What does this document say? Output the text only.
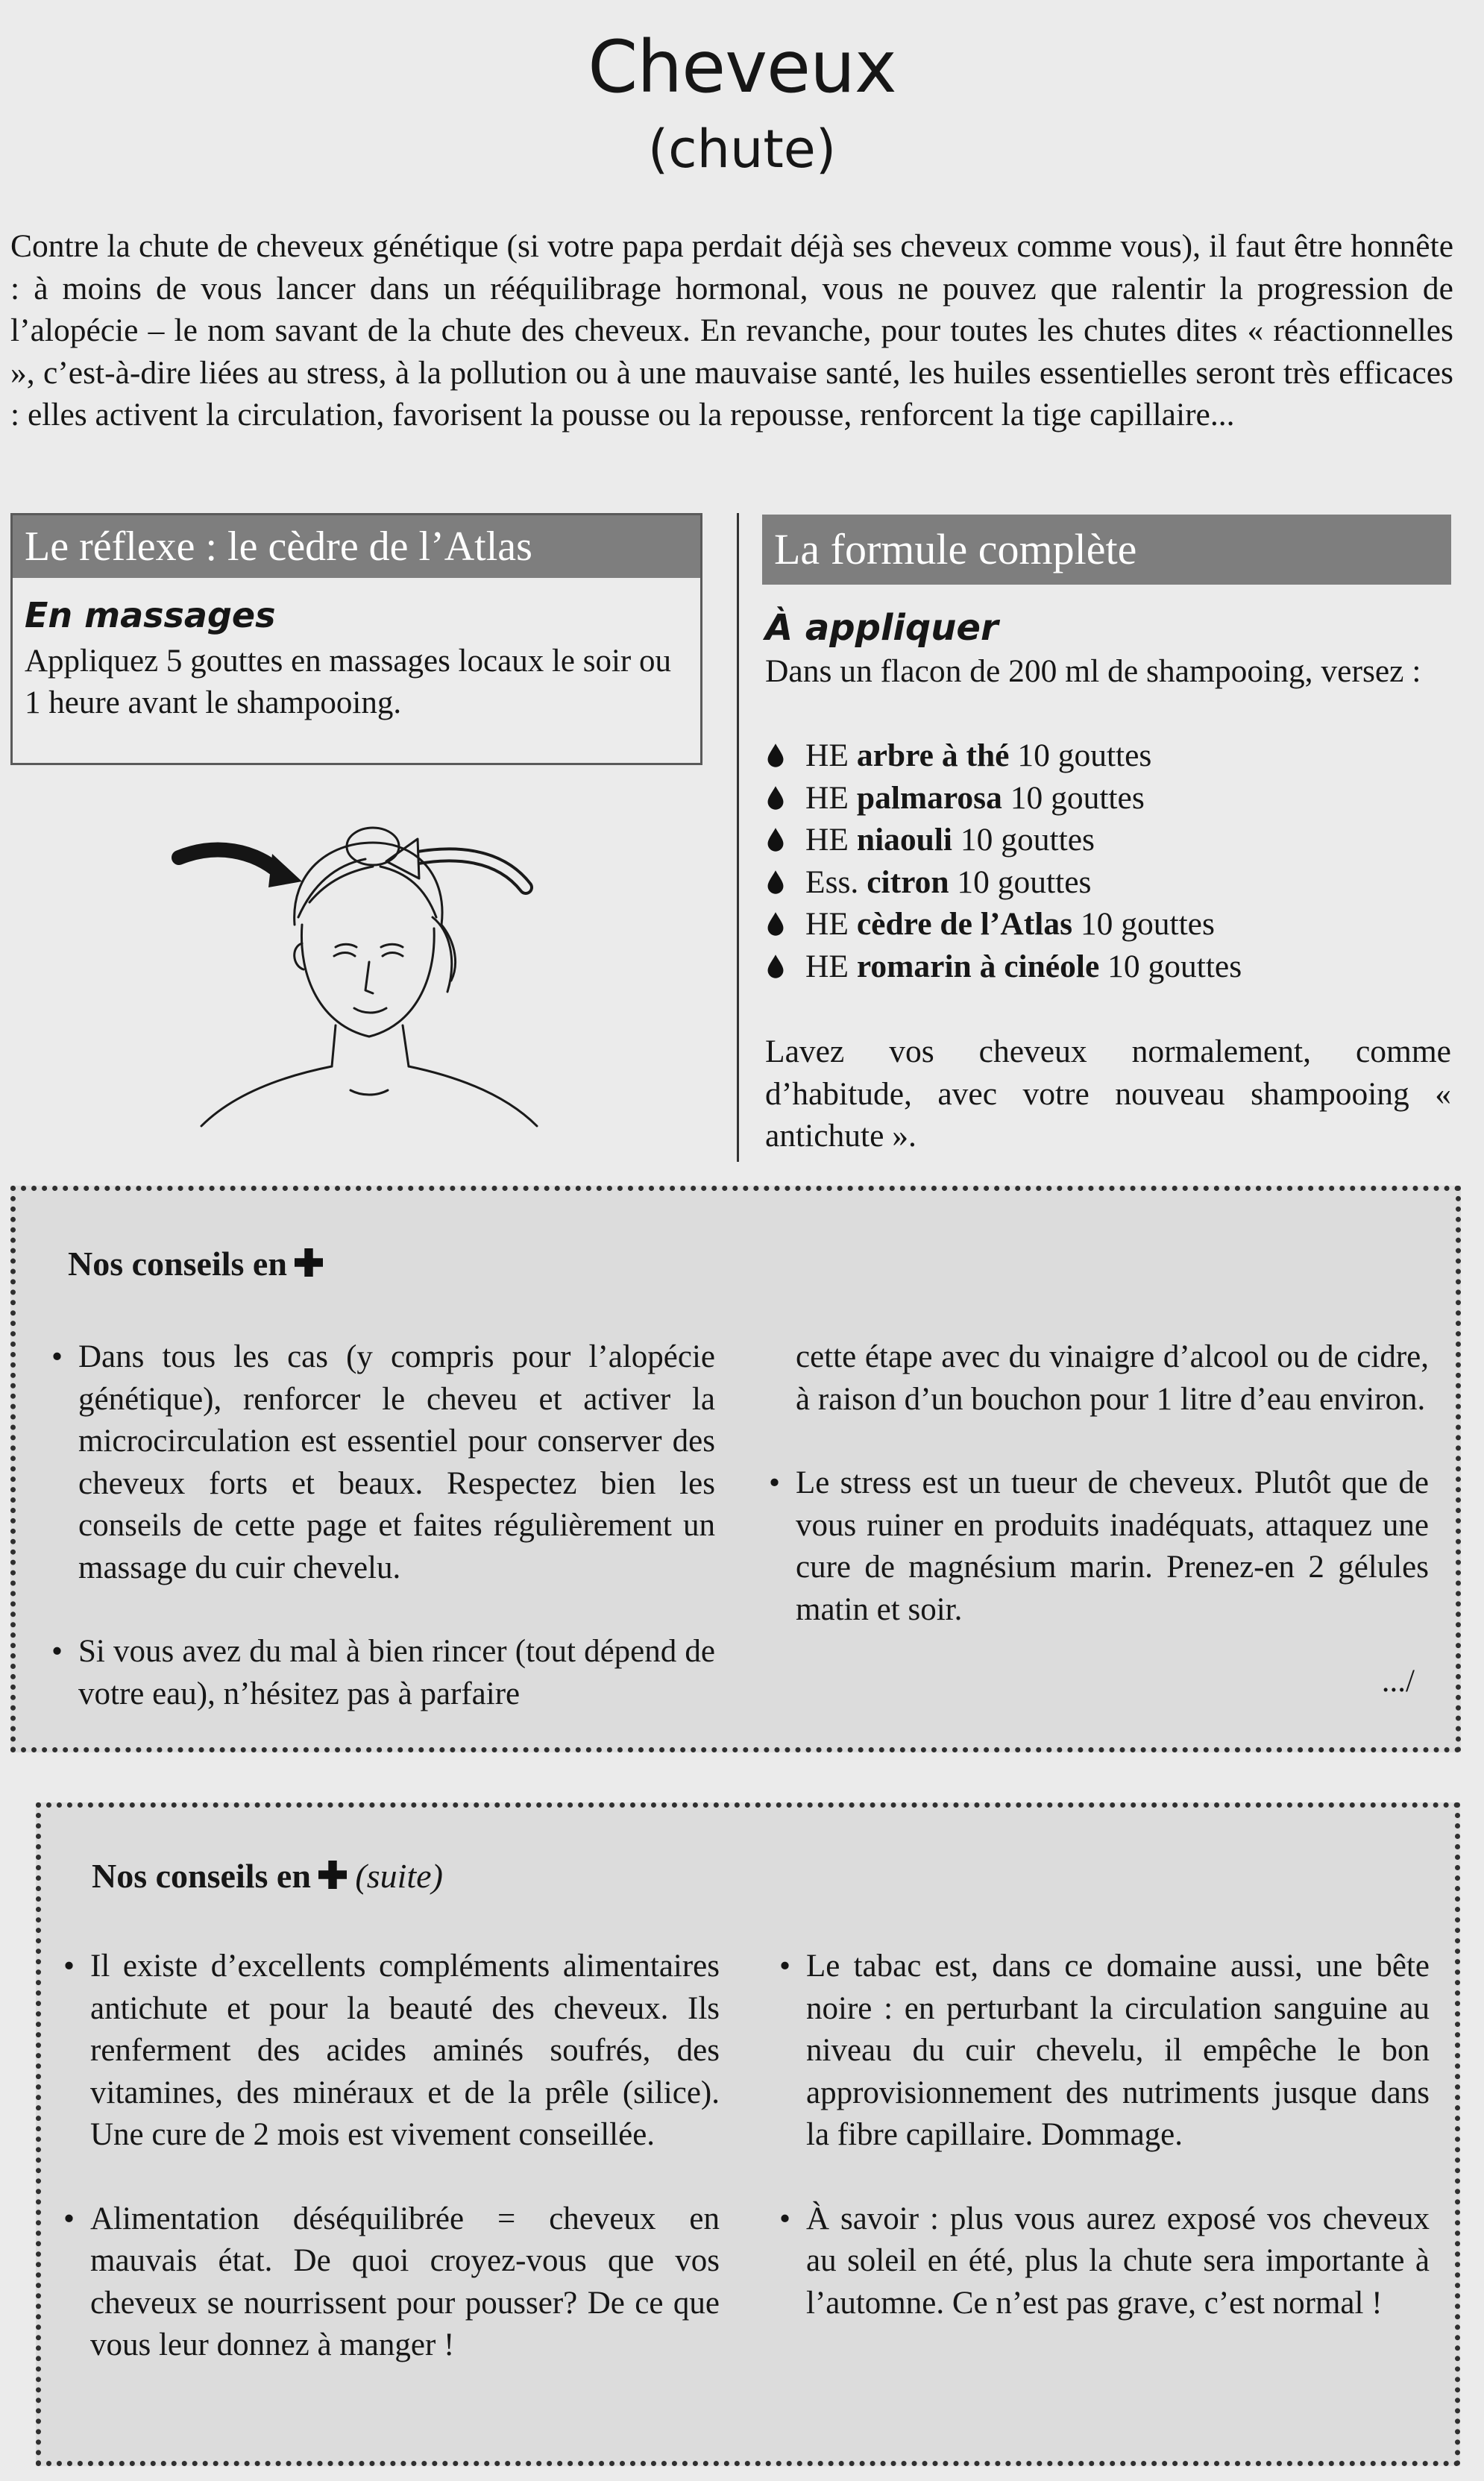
Cheveux
(chute)
Contre la chute de cheveux génétique (si votre papa perdait déjà ses cheveux comme vous), il faut être honnête : à moins de vous lancer dans un rééquilibrage hormonal, vous ne pouvez que ralentir la progression de l’alopécie – le nom savant de la chute des cheveux. En revanche, pour toutes les chutes dites « réactionnelles », c’est-à-dire liées au stress, à la pollution ou à une mauvaise santé, les huiles essentielles seront très efficaces : elles activent la circulation, favorisent la pousse ou la repousse, renforcent la tige capillaire...
Le réflexe : le cèdre de l’Atlas
En massages
Appliquez 5 gouttes en massages locaux le soir ou 1 heure avant le shampooing.
La formule complète
À appliquer
Dans un flacon de 200 ml de shampooing, versez :
HE arbre à thé 10 gouttes
HE palmarosa 10 gouttes
HE niaouli 10 gouttes
Ess. citron 10 gouttes
HE cèdre de l’Atlas 10 gouttes
HE romarin à cinéole 10 gouttes
Lavez vos cheveux normalement, comme d’habitude, avec votre nouveau shampooing « antichute ».
Nos conseils en

• Dans tous les cas (y compris pour l’alopécie génétique), renforcer le cheveu et activer la microcirculation est essentiel pour conserver des cheveux forts et beaux. Respectez bien les conseils de cette page et faites régulièrement un massage du cuir chevelu.

• Si vous avez du mal à bien rincer (tout dépend de votre eau), n’hésitez pas à parfaire

cette étape avec du vinaigre d’alcool ou de cidre, à raison d’un bouchon pour 1 litre d’eau environ.

• Le stress est un tueur de cheveux. Plutôt que de vous ruiner en produits inadéquats, attaquez une cure de magnésium marin. Prenez-en 2 gélules matin et soir.

.../
Nos conseils en (suite)

• Il existe d’excellents compléments alimentaires antichute et pour la beauté des cheveux. Ils renferment des acides aminés soufrés, des vitamines, des minéraux et de la prêle (silice). Une cure de 2 mois est vivement conseillée.

• Alimentation déséquilibrée = cheveux en mauvais état. De quoi croyez-vous que vos cheveux se nourrissent pour pousser? De ce que vous leur donnez à manger !

• Le tabac est, dans ce domaine aussi, une bête noire : en perturbant la circulation sanguine au niveau du cuir chevelu, il empêche le bon approvisionnement des nutriments jusque dans la fibre capillaire. Dommage.

• À savoir : plus vous aurez exposé vos cheveux au soleil en été, plus la chute sera importante à l’automne. Ce n’est pas grave, c’est normal !
